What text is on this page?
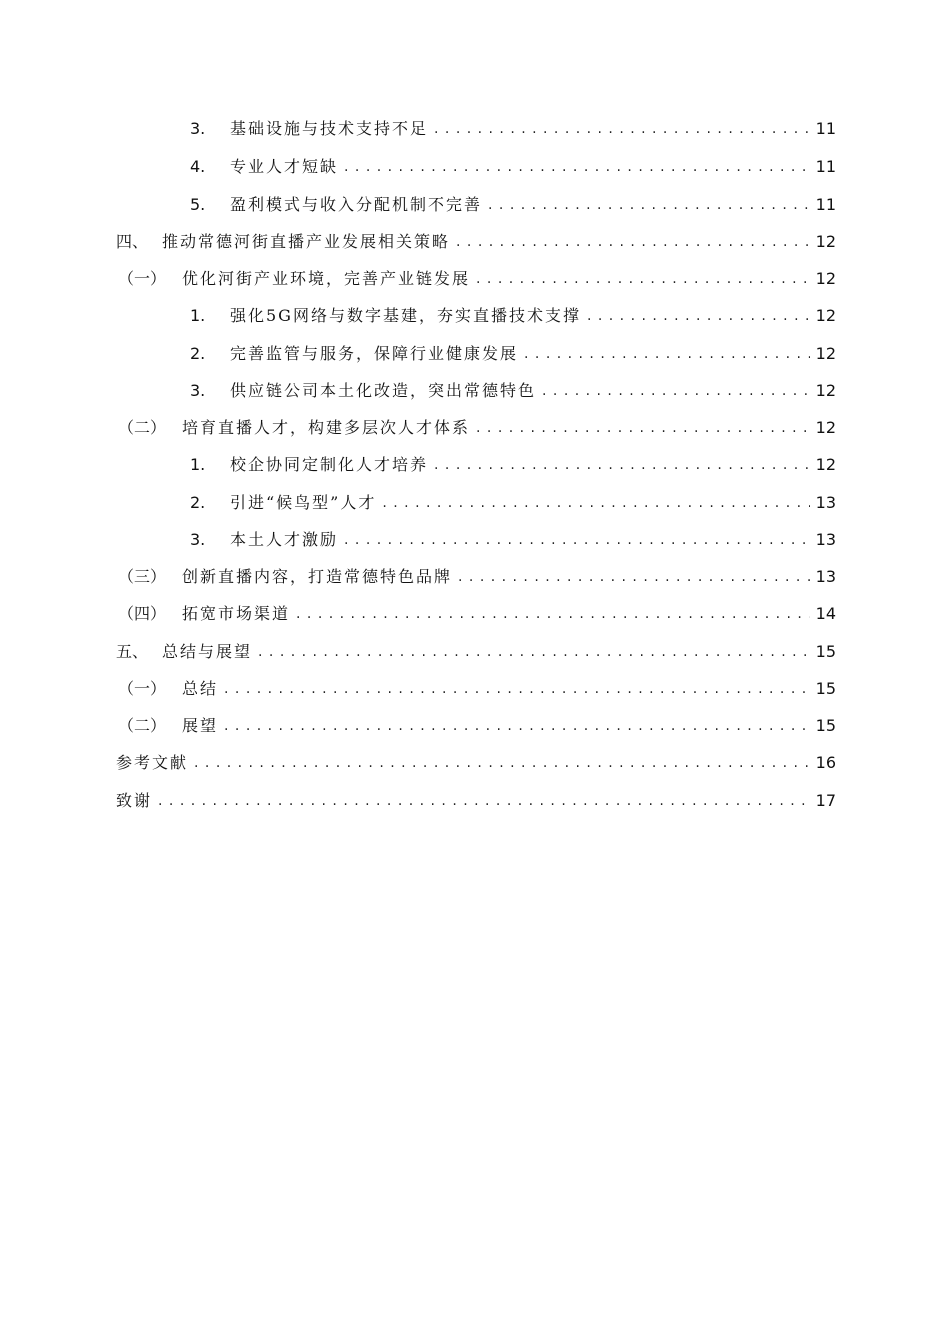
3.	基础设施与技术支持不足 . . .	11
4.	专业人才短缺 . . .	11
5.	盈利模式与收入分配机制不完善 . . .	11
四、 推动常德河街直播产业发展相关策略 . . .	12
（一） 优化河街产业环境，完善产业链发展 . . .	12
1.	强化5G网络与数字基建，夯实直播技术支撑 . . .	12
2.	完善监管与服务，保障行业健康发展 . . .	12
3.	供应链公司本土化改造，突出常德特色 . . .	12
（二） 培育直播人才，构建多层次人才体系 . . .	12
1.	校企协同定制化人才培养 . . .	12
2.	引进“候鸟型”人才 . . .	13
3.	本土人才激励 . . .	13
（三） 创新直播内容，打造常德特色品牌 . . .	13
（四） 拓宽市场渠道 . . .	14
五、 总结与展望 . . .	15
（一） 总结 . . .	15
（二） 展望 . . .	15
参考文献 . . .	16
致谢 . . .	17
